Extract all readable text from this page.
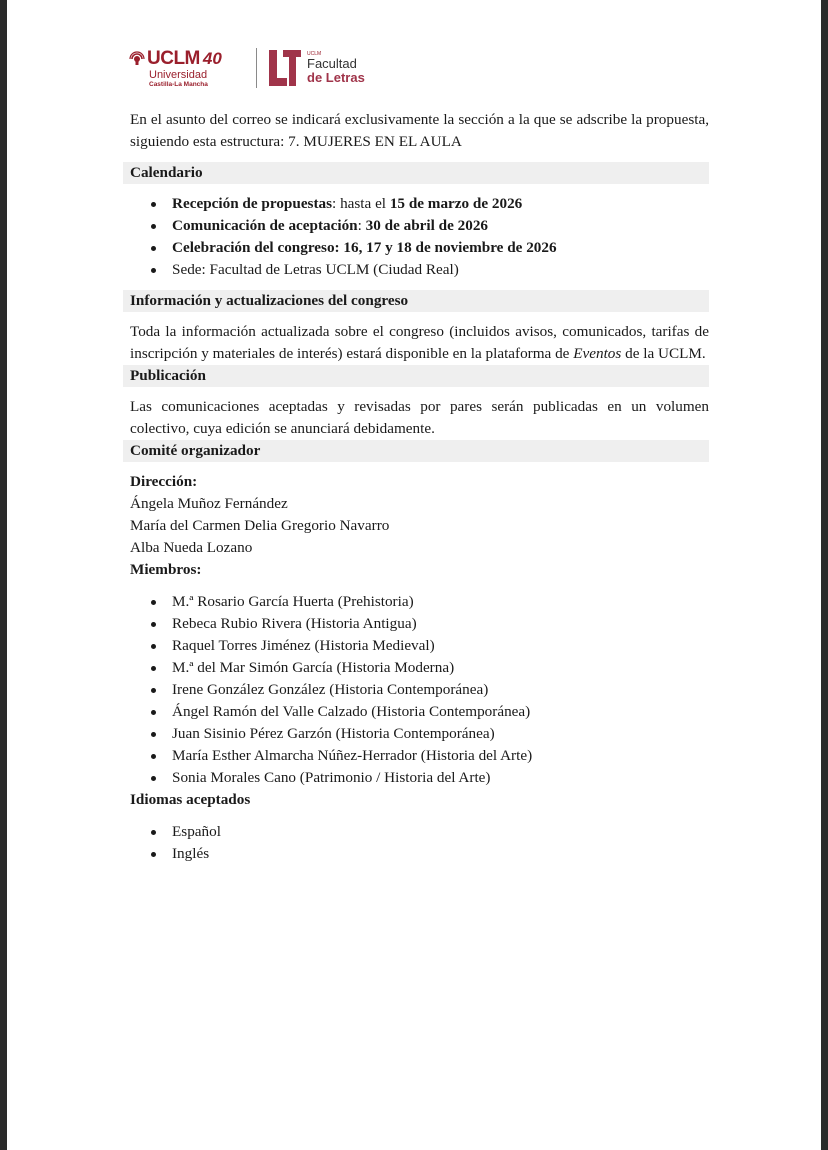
UCLM 40
Universidad
Castilla-La Mancha
UCLM
Facultad
de Letras

En el asunto del correo se indicará exclusivamente la sección a la que se adscribe la propuesta, siguiendo esta estructura: 7. MUJERES EN EL AULA

Calendario
Recepción de propuestas: hasta el 15 de marzo de 2026
Comunicación de aceptación: 30 de abril de 2026
Celebración del congreso: 16, 17 y 18 de noviembre de 2026
Sede: Facultad de Letras UCLM (Ciudad Real)
Información y actualizaciones del congreso

Toda la información actualizada sobre el congreso (incluidos avisos, comunicados, tarifas de inscripción y materiales de interés) estará disponible en la plataforma de Eventos de la UCLM.

Publicación

Las comunicaciones aceptadas y revisadas por pares serán publicadas en un volumen colectivo, cuya edición se anunciará debidamente.

Comité organizador
Dirección:
Ángela Muñoz Fernández
María del Carmen Delia Gregorio Navarro
Alba Nueda Lozano
Miembros:
M.ª Rosario García Huerta (Prehistoria)
Rebeca Rubio Rivera (Historia Antigua)
Raquel Torres Jiménez (Historia Medieval)
M.ª del Mar Simón García (Historia Moderna)
Irene González González (Historia Contemporánea)
Ángel Ramón del Valle Calzado (Historia Contemporánea)
Juan Sisinio Pérez Garzón (Historia Contemporánea)
María Esther Almarcha Núñez-Herrador (Historia del Arte)
Sonia Morales Cano (Patrimonio / Historia del Arte)
Idiomas aceptados
Español
Inglés
